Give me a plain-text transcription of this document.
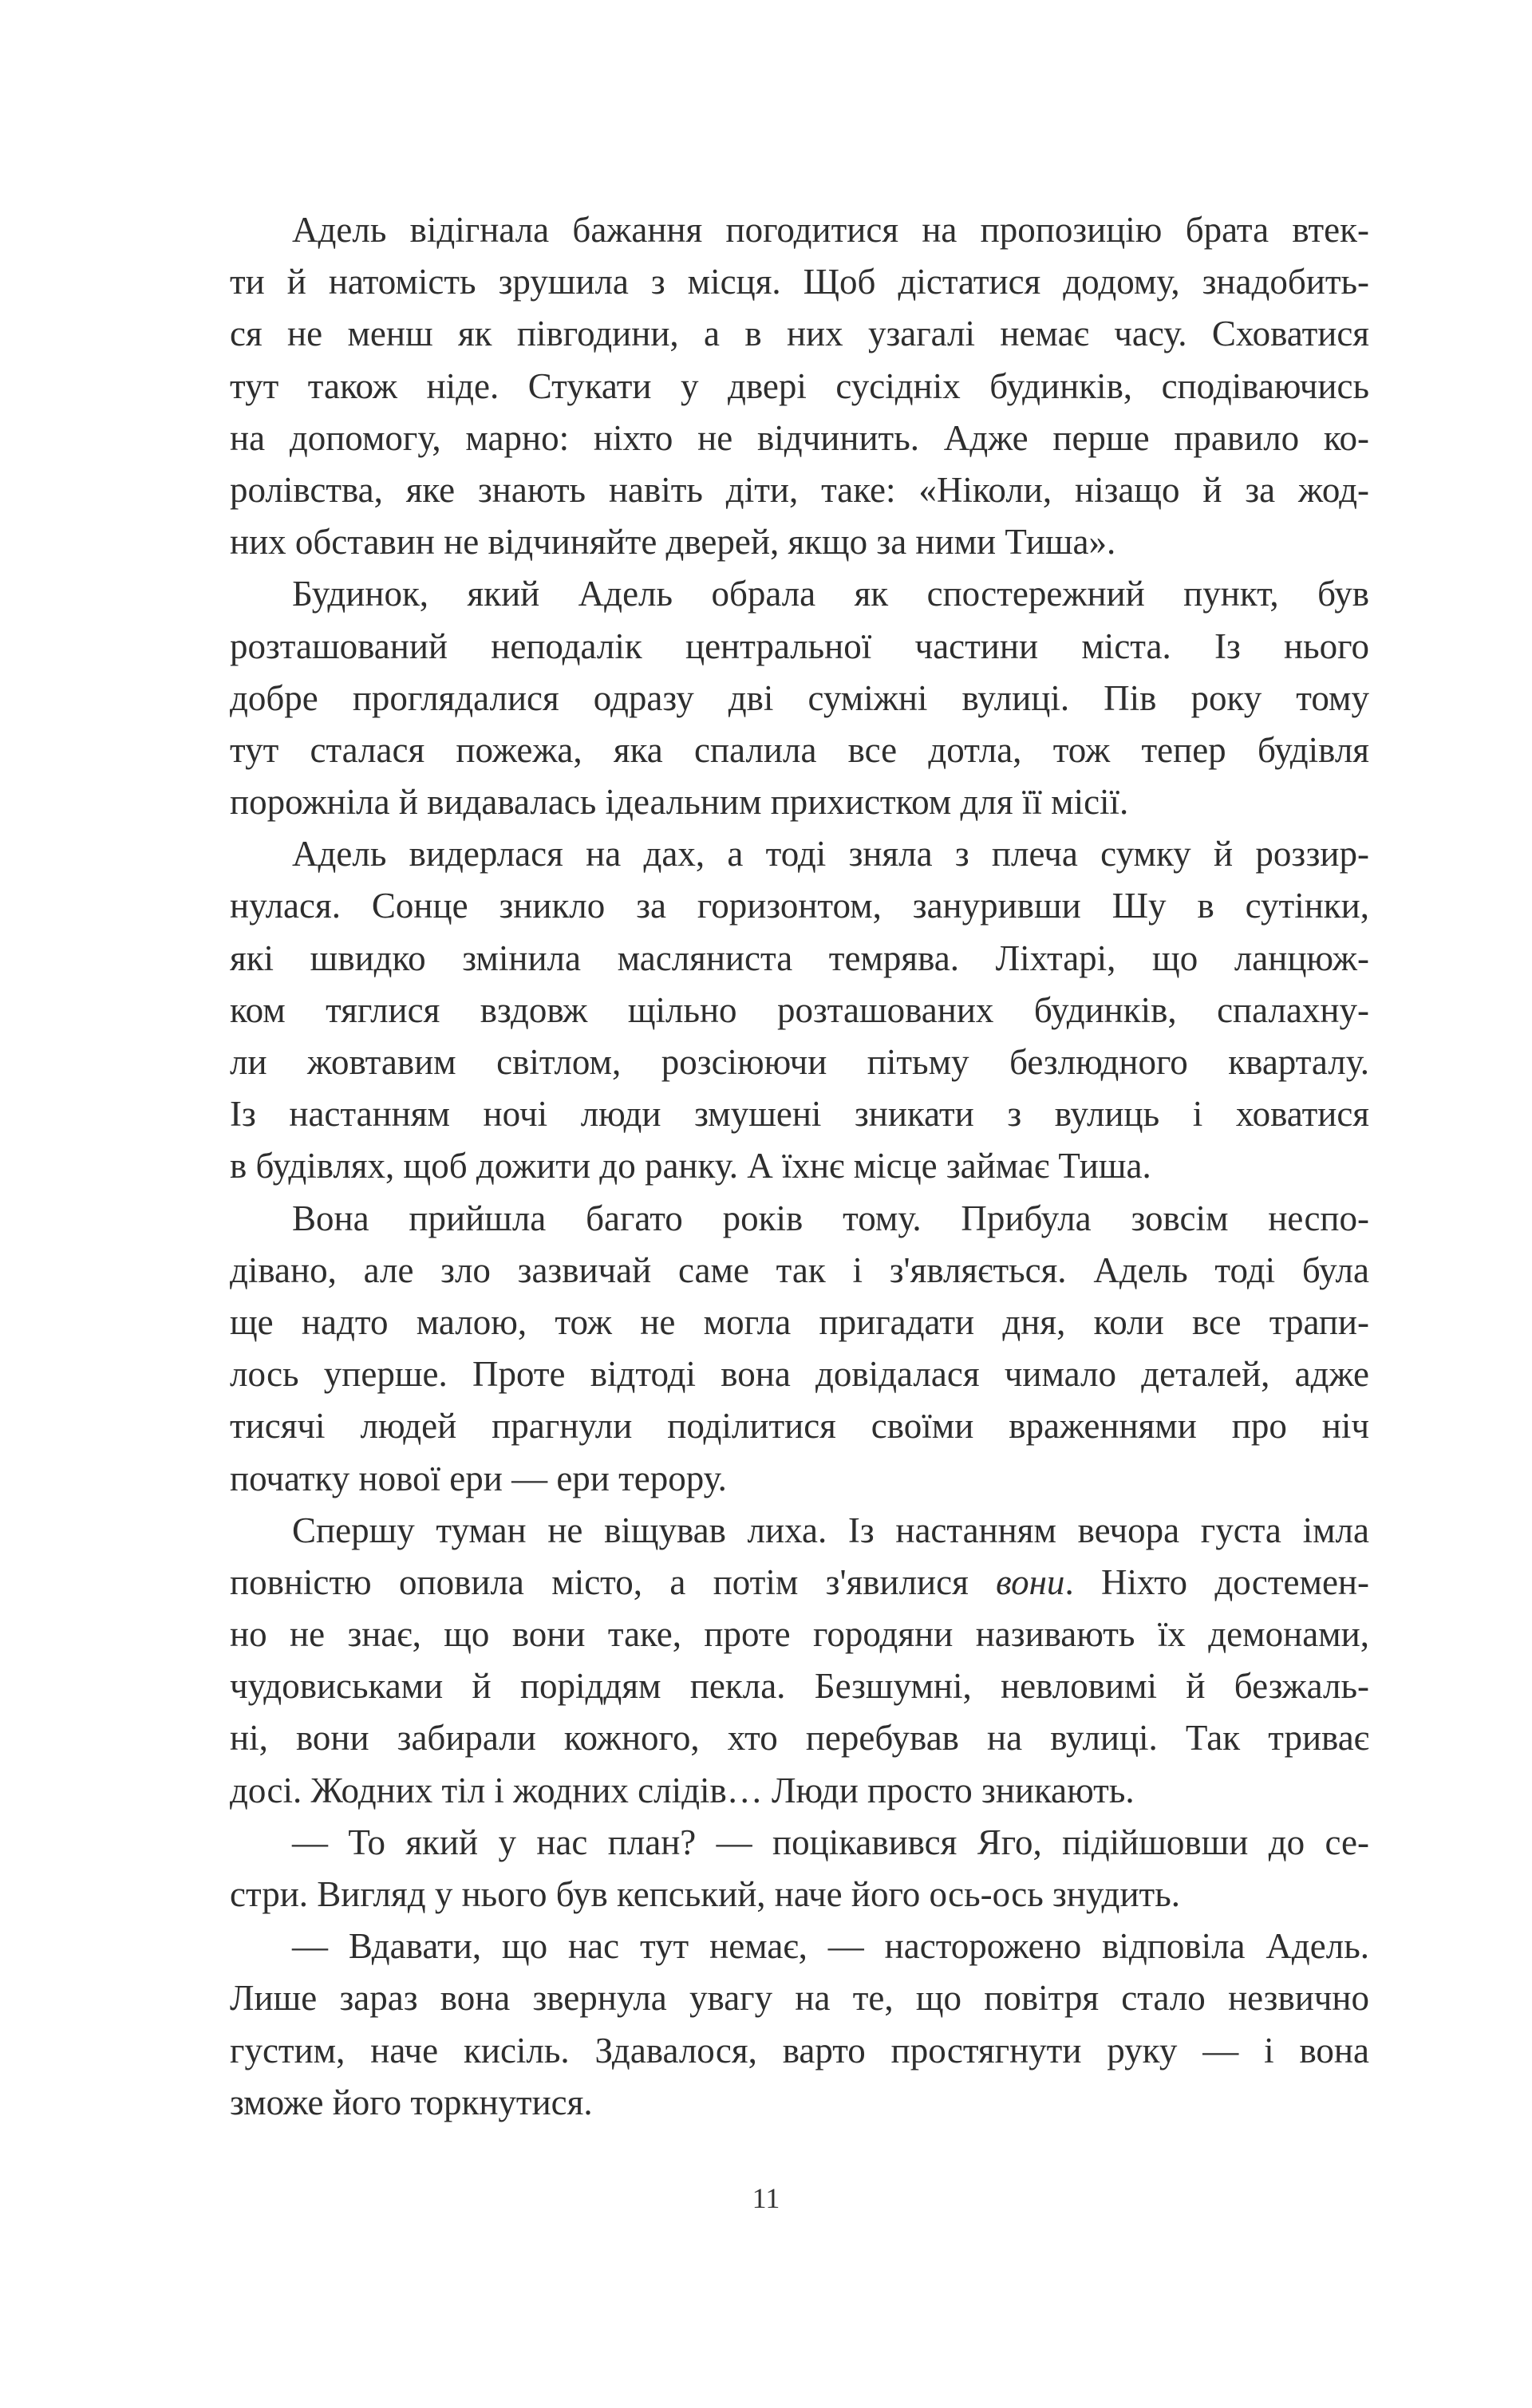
Адель відігнала бажання погодитися на пропозицію брата втек-
ти й натомість зрушила з місця. Щоб дістатися додому, знадобить-
ся не менш як півгодини, а в них узагалі немає часу. Сховатися
тут також ніде. Стукати у двері сусідніх будинків, сподіваючись
на допомогу, марно: ніхто не відчинить. Адже перше правило ко-
ролівства, яке знають навіть діти, таке: «Ніколи, нізащо й за жод-
них обставин не відчиняйте дверей, якщо за ними Тиша».
Будинок, який Адель обрала як спостережний пункт, був
розташований неподалік центральної частини міста. Із нього
добре проглядалися одразу дві суміжні вулиці. Пів року тому
тут сталася пожежа, яка спалила все дотла, тож тепер будівля
порожніла й видавалась ідеальним прихистком для її місії.
Адель видерлася на дах, а тоді зняла з плеча сумку й роззир-
нулася. Сонце зникло за горизонтом, зануривши Шу в сутінки,
які швидко змінила масляниста темрява. Ліхтарі, що ланцюж-
ком тяглися вздовж щільно розташованих будинків, спалахну-
ли жовтавим світлом, розсіюючи пітьму безлюдного кварталу.
Із настанням ночі люди змушені зникати з вулиць і ховатися
в будівлях, щоб дожити до ранку. А їхнє місце займає Тиша.
Вона прийшла багато років тому. Прибула зовсім неспо-
дівано, але зло зазвичай саме так і з'являється. Адель тоді була
ще надто малою, тож не могла пригадати дня, коли все трапи-
лось уперше. Проте відтоді вона довідалася чимало деталей, адже
тисячі людей прагнули поділитися своїми враженнями про ніч
початку нової ери — ери терору.
Спершу туман не віщував лиха. Із настанням вечора густа імла
повністю оповила місто, а потім з'явилися вони. Ніхто достемен-
но не знає, що вони таке, проте городяни називають їх демонами,
чудовиськами й поріддям пекла. Безшумні, невловимі й безжаль-
ні, вони забирали кожного, хто перебував на вулиці. Так триває
досі. Жодних тіл і жодних слідів… Люди просто зникають.
— То який у нас план? — поцікавився Яго, підійшовши до се-
стри. Вигляд у нього був кепський, наче його ось-ось знудить.
— Вдавати, що нас тут немає, — насторожено відповіла Адель.
Лише зараз вона звернула увагу на те, що повітря стало незвично
густим, наче кисіль. Здавалося, варто простягнути руку — і вона
зможе його торкнутися.
11
